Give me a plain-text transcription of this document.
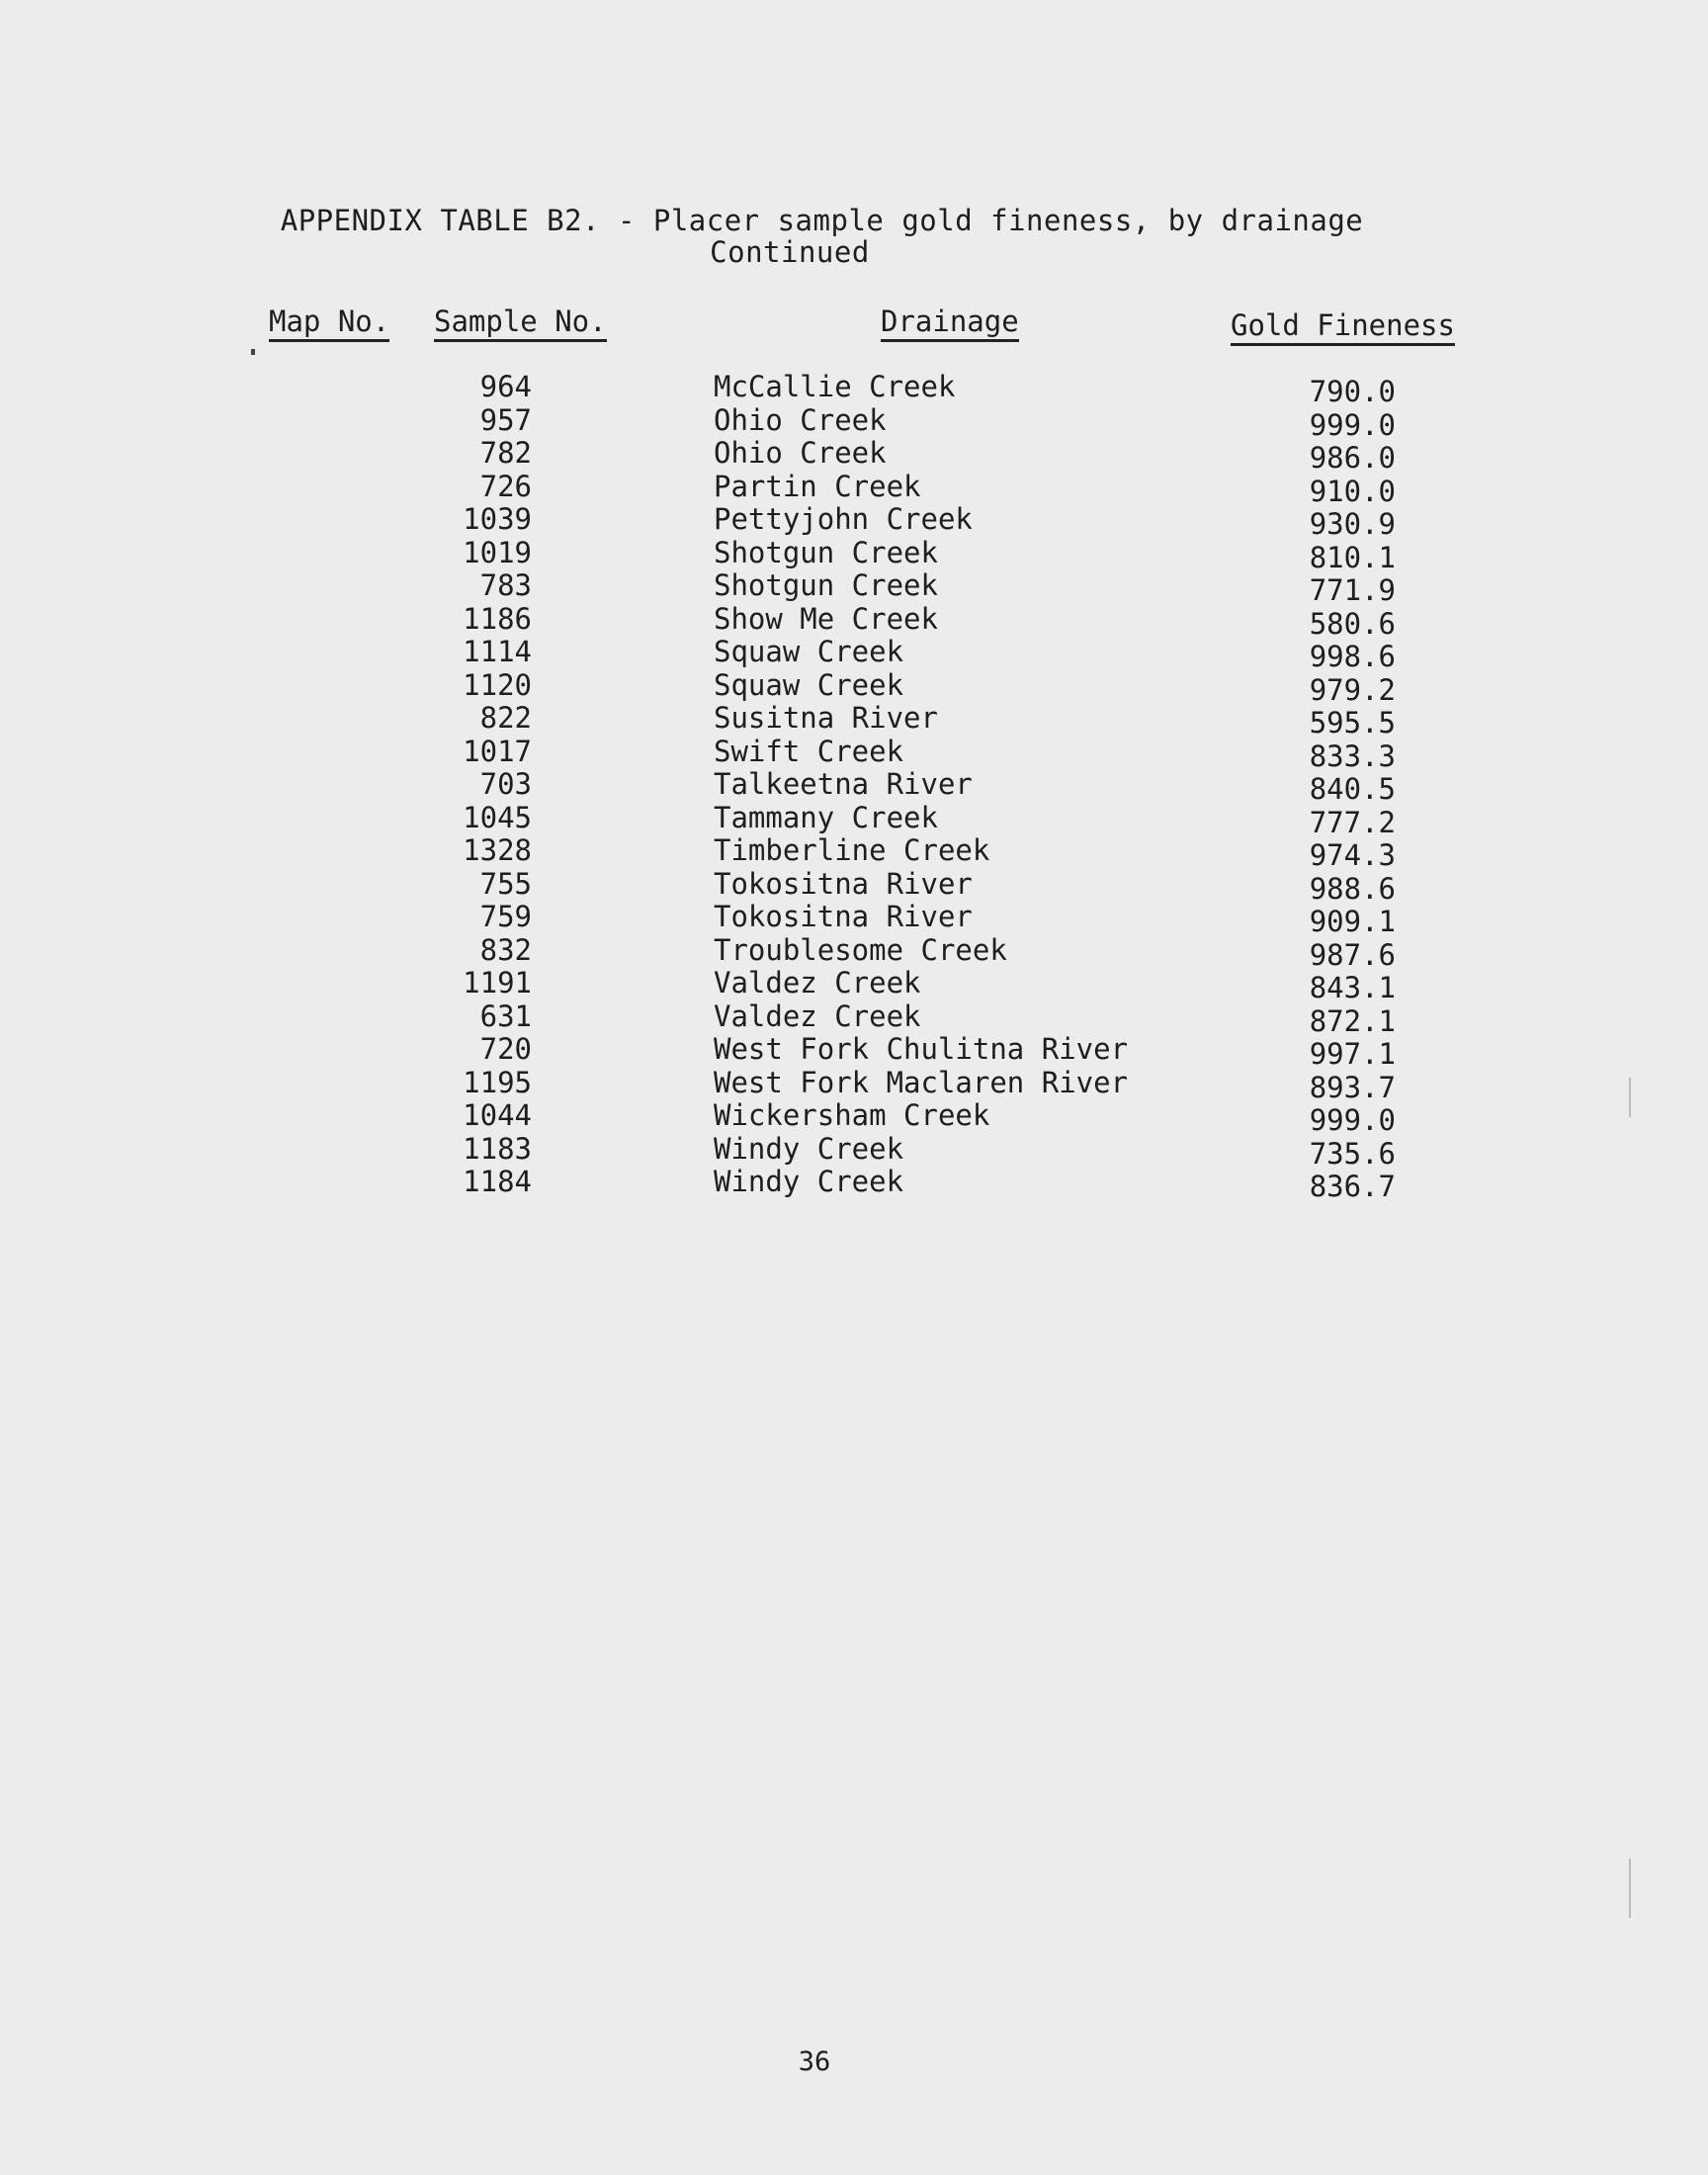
APPENDIX TABLE B2. - Placer sample gold fineness, by drainage
Continued
Map No. Sample No.	Drainage	Gold Fineness
964	McCallie Creek	790.0
957	Ohio Creek	999.0
782	Ohio Creek	986.0
726	Partin Creek	910.0
1039	Pettyjohn Creek	930.9
1019	Shotgun Creek	810.1
783	Shotgun Creek	771.9
1186	Show Me Creek	580.6
1114	Squaw Creek	998.6
1120	Squaw Creek	979.2
822	Susitna River	595.5
1017	Swift Creek	833.3
703	Talkeetna River	840.5
1045	Tammany Creek	777.2
1328	Timberline Creek	974.3
755	Tokositna River	988.6
759	Tokositna River	909.1
832	Troublesome Creek	987.6
1191	Valdez Creek	843.1
631	Valdez Creek	872.1
720	West Fork Chulitna River	997.1
1195	West Fork Maclaren River	893.7
1044	Wickersham Creek	999.0
1183	Windy Creek	735.6
1184	Windy Creek	836.7
36
